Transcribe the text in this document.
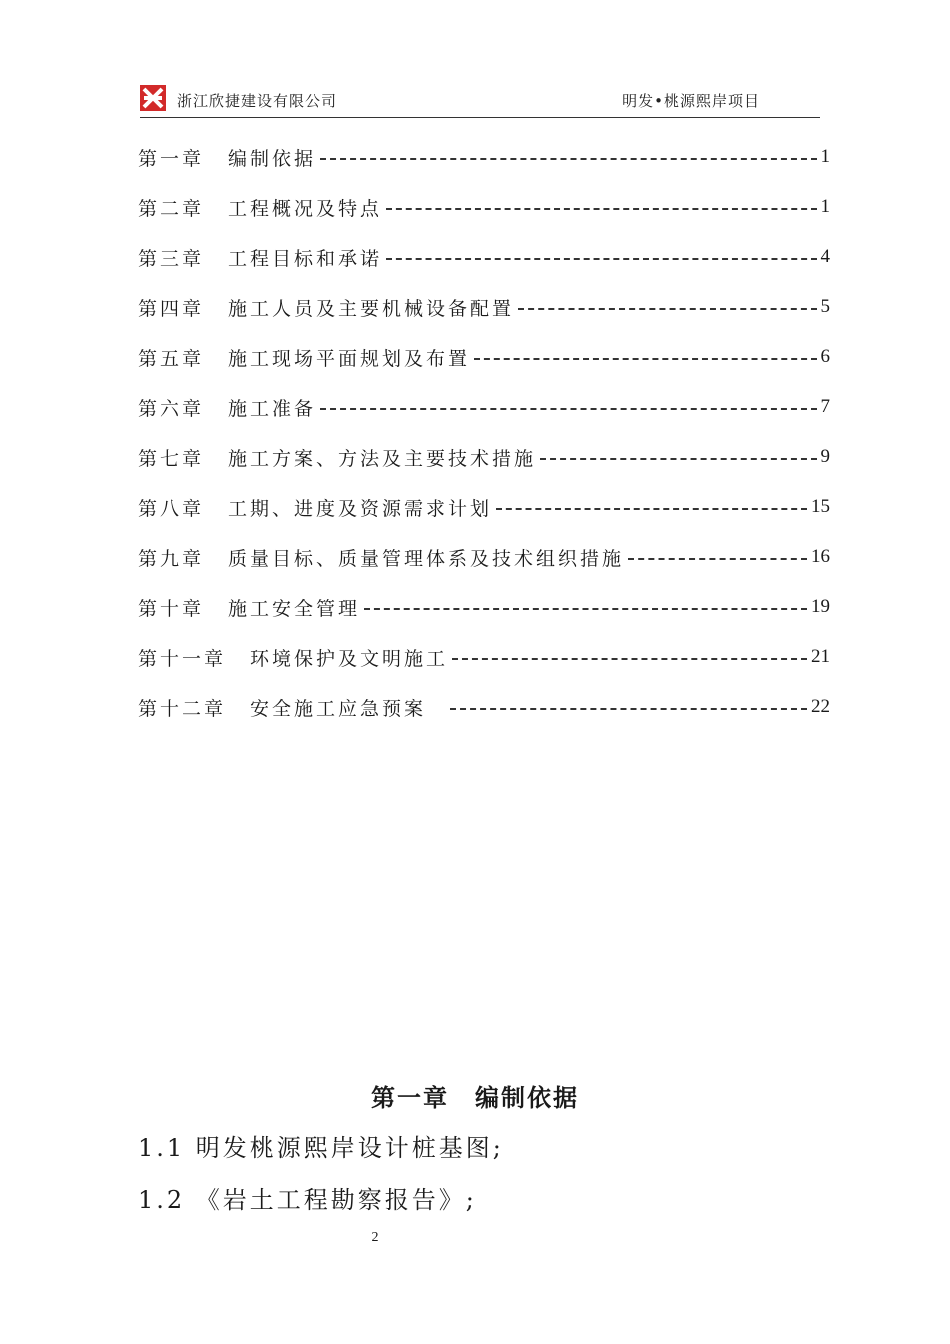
浙江欣捷建设有限公司	明发•桃源熙岸项目
第一章 编制依据	1
第二章 工程概况及特点	1
第三章 工程目标和承诺	4
第四章 施工人员及主要机械设备配置	5
第五章 施工现场平面规划及布置	6
第六章 施工准备	7
第七章 施工方案、方法及主要技术措施	9
第八章 工期、进度及资源需求计划	15
第九章 质量目标、质量管理体系及技术组织措施	16
第十章 施工安全管理	19
第十一章 环境保护及文明施工	21
第十二章 安全施工应急预案	22
第一章　编制依据
1.1 明发桃源熙岸设计桩基图;
1.2 《岩土工程勘察报告》;
2
